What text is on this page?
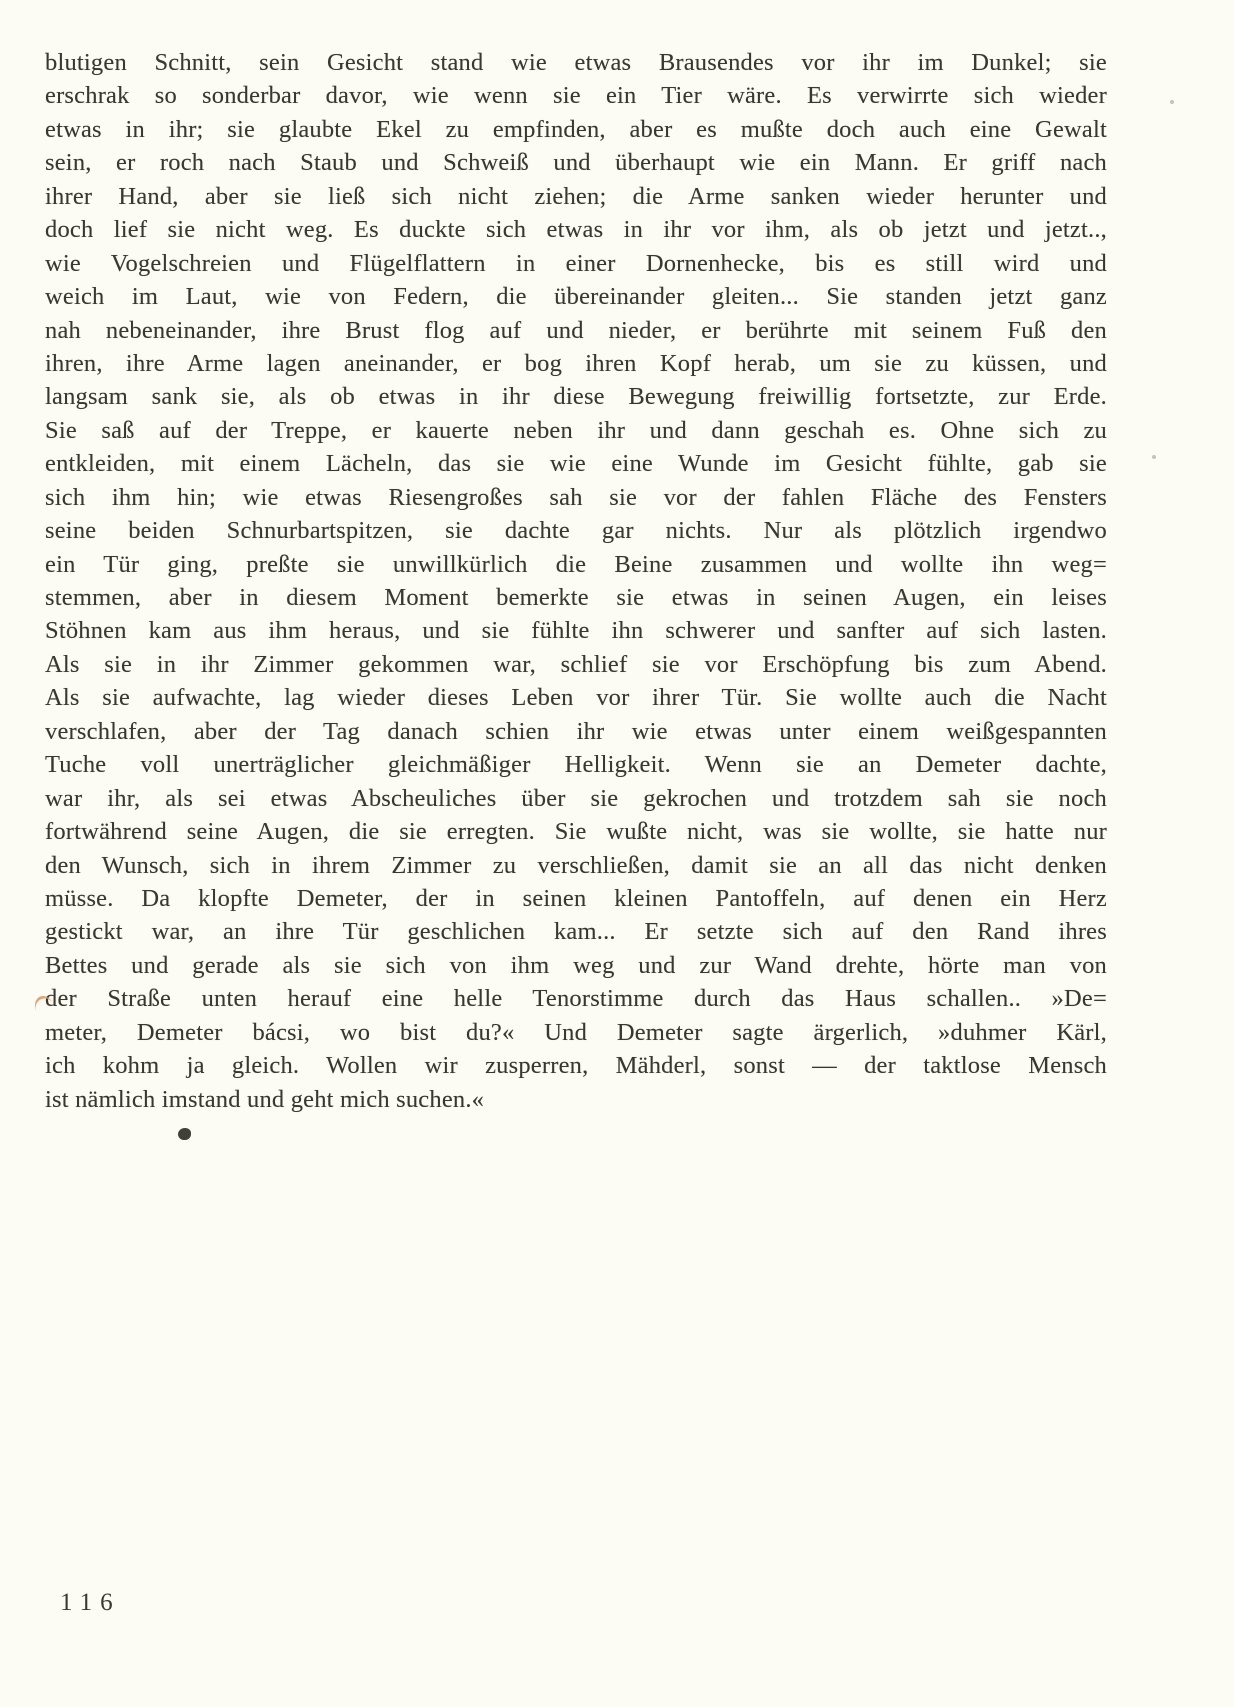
blutigen Schnitt, sein Gesicht stand wie etwas Brausendes vor ihr im Dunkel; sie
erschrak so sonderbar davor, wie wenn sie ein Tier wäre. Es verwirrte sich wieder
etwas in ihr; sie glaubte Ekel zu empfinden, aber es mußte doch auch eine Gewalt
sein, er roch nach Staub und Schweiß und überhaupt wie ein Mann. Er griff nach
ihrer Hand, aber sie ließ sich nicht ziehen; die Arme sanken wieder herunter und
doch lief sie nicht weg. Es duckte sich etwas in ihr vor ihm, als ob jetzt und jetzt..,
wie Vogelschreien und Flügelflattern in einer Dornenhecke, bis es still wird und
weich im Laut, wie von Federn, die übereinander gleiten... Sie standen jetzt ganz
nah nebeneinander, ihre Brust flog auf und nieder, er berührte mit seinem Fuß den
ihren, ihre Arme lagen aneinander, er bog ihren Kopf herab, um sie zu küssen, und
langsam sank sie, als ob etwas in ihr diese Bewegung freiwillig fortsetzte, zur Erde.
Sie saß auf der Treppe, er kauerte neben ihr und dann geschah es. Ohne sich zu
entkleiden, mit einem Lächeln, das sie wie eine Wunde im Gesicht fühlte, gab sie
sich ihm hin; wie etwas Riesengroßes sah sie vor der fahlen Fläche des Fensters
seine beiden Schnurbartspitzen, sie dachte gar nichts. Nur als plötzlich irgendwo
ein Tür ging, preßte sie unwillkürlich die Beine zusammen und wollte ihn weg=
stemmen, aber in diesem Moment bemerkte sie etwas in seinen Augen, ein leises
Stöhnen kam aus ihm heraus, und sie fühlte ihn schwerer und sanfter auf sich lasten.
Als sie in ihr Zimmer gekommen war, schlief sie vor Erschöpfung bis zum Abend.
Als sie aufwachte, lag wieder dieses Leben vor ihrer Tür. Sie wollte auch die Nacht
verschlafen, aber der Tag danach schien ihr wie etwas unter einem weißgespannten
Tuche voll unerträglicher gleichmäßiger Helligkeit. Wenn sie an Demeter dachte,
war ihr, als sei etwas Abscheuliches über sie gekrochen und trotzdem sah sie noch
fortwährend seine Augen, die sie erregten. Sie wußte nicht, was sie wollte, sie hatte nur
den Wunsch, sich in ihrem Zimmer zu verschließen, damit sie an all das nicht denken
müsse. Da klopfte Demeter, der in seinen kleinen Pantoffeln, auf denen ein Herz
gestickt war, an ihre Tür geschlichen kam... Er setzte sich auf den Rand ihres
Bettes und gerade als sie sich von ihm weg und zur Wand drehte, hörte man von
der Straße unten herauf eine helle Tenorstimme durch das Haus schallen.. »De=
meter, Demeter bácsi, wo bist du?« Und Demeter sagte ärgerlich, »duhmer Kärl,
ich kohm ja gleich. Wollen wir zusperren, Mähderl, sonst — der taktlose Mensch
ist nämlich imstand und geht mich suchen.«
116
